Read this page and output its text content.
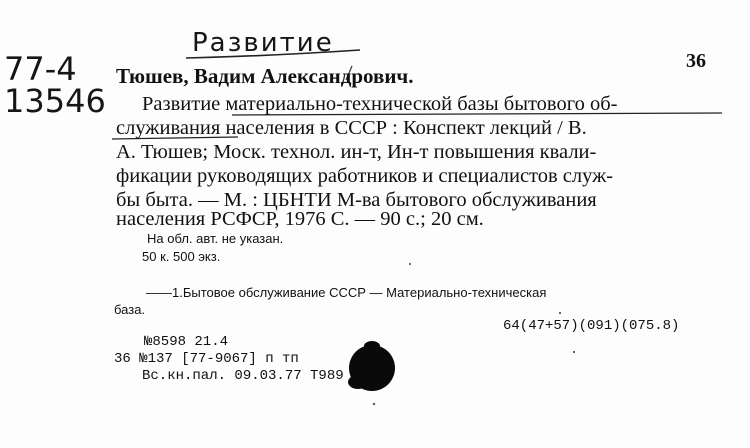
Развитие
36
77-4
13546
Тюшев, Вадим Александрович.
Развитие материально-технической базы бытового об-
служивания населения в СССР : Конспект лекций / В.
А. Тюшев; Моск. технол. ин-т, Ин-т повышения квали-
фикации руководящих работников и специалистов служ-
бы быта. — М. : ЦБНТИ М-ва бытового обслуживания
населения РСФСР, 1976 С. — 90 с.; 20 см.
На обл. авт. не указан.
50 к. 500 экз.
——1.Бытовое обслуживание СССР — Материально-техническая
база.
64(47+57)(091)(075.8)
№8598 21.4
36 №137 [77-9067] п тп
Вс.кн.пал. 09.03.77 Т989
